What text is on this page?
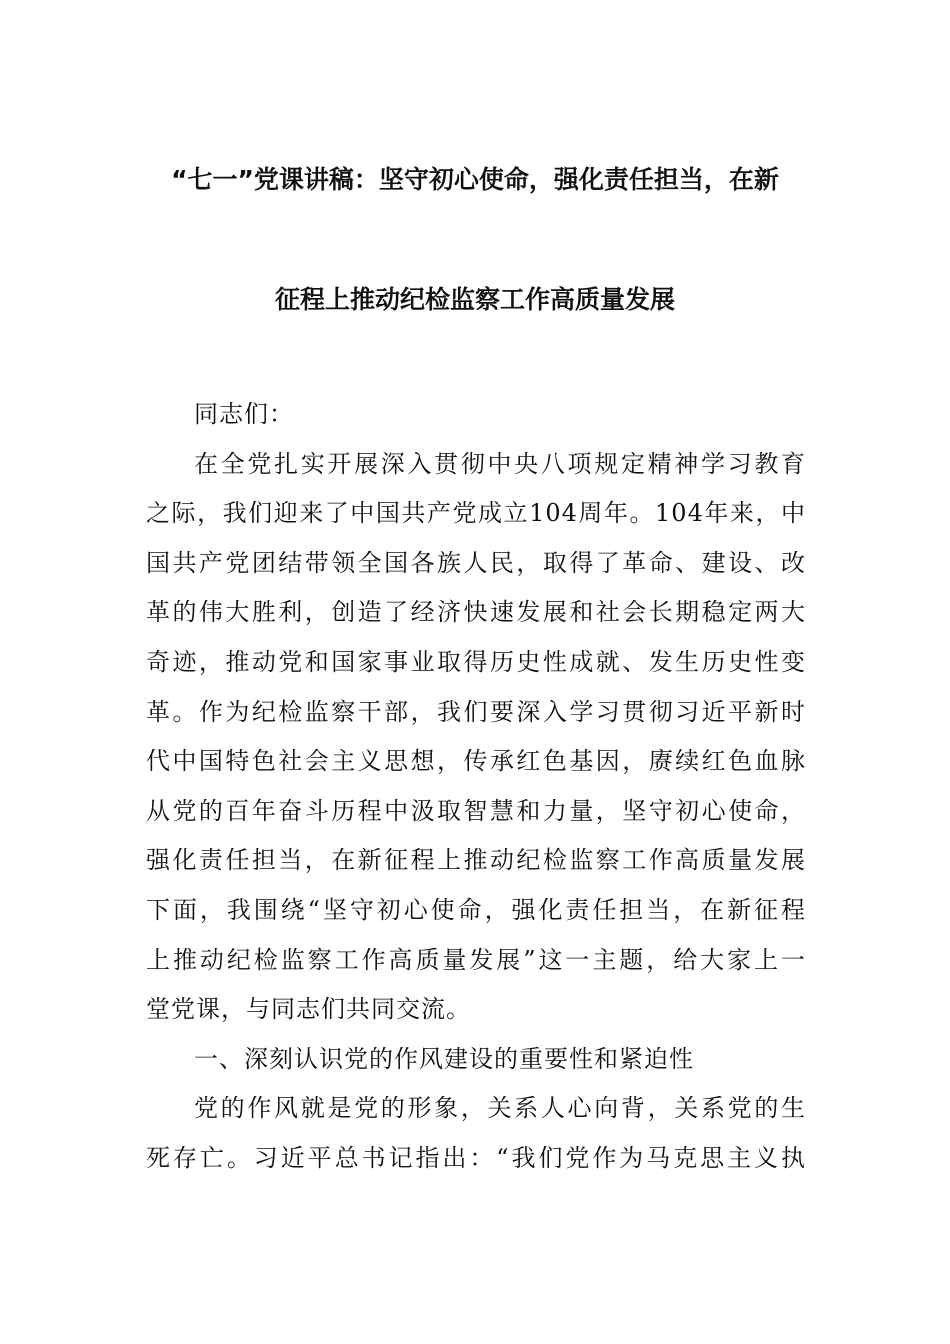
“七一”党课讲稿：坚守初心使命，强化责任担当，在新
征程上推动纪检监察工作高质量发展

同志们：

在全党扎实开展深入贯彻中央八项规定精神学习教育
之际，我们迎来了中国共产党成立104周年。104年来，中
国共产党团结带领全国各族人民，取得了革命、建设、改
革的伟大胜利，创造了经济快速发展和社会长期稳定两大
奇迹，推动党和国家事业取得历史性成就、发生历史性变
革。作为纪检监察干部，我们要深入学习贯彻习近平新时
代中国特色社会主义思想，传承红色基因，赓续红色血脉
从党的百年奋斗历程中汲取智慧和力量，坚守初心使命，
强化责任担当，在新征程上推动纪检监察工作高质量发展
下面，我围绕“坚守初心使命，强化责任担当，在新征程
上推动纪检监察工作高质量发展”这一主题，给大家上一
堂党课，与同志们共同交流。

一、深刻认识党的作风建设的重要性和紧迫性

党的作风就是党的形象，关系人心向背，关系党的生
死存亡。习近平总书记指出：“我们党作为马克思主义执
